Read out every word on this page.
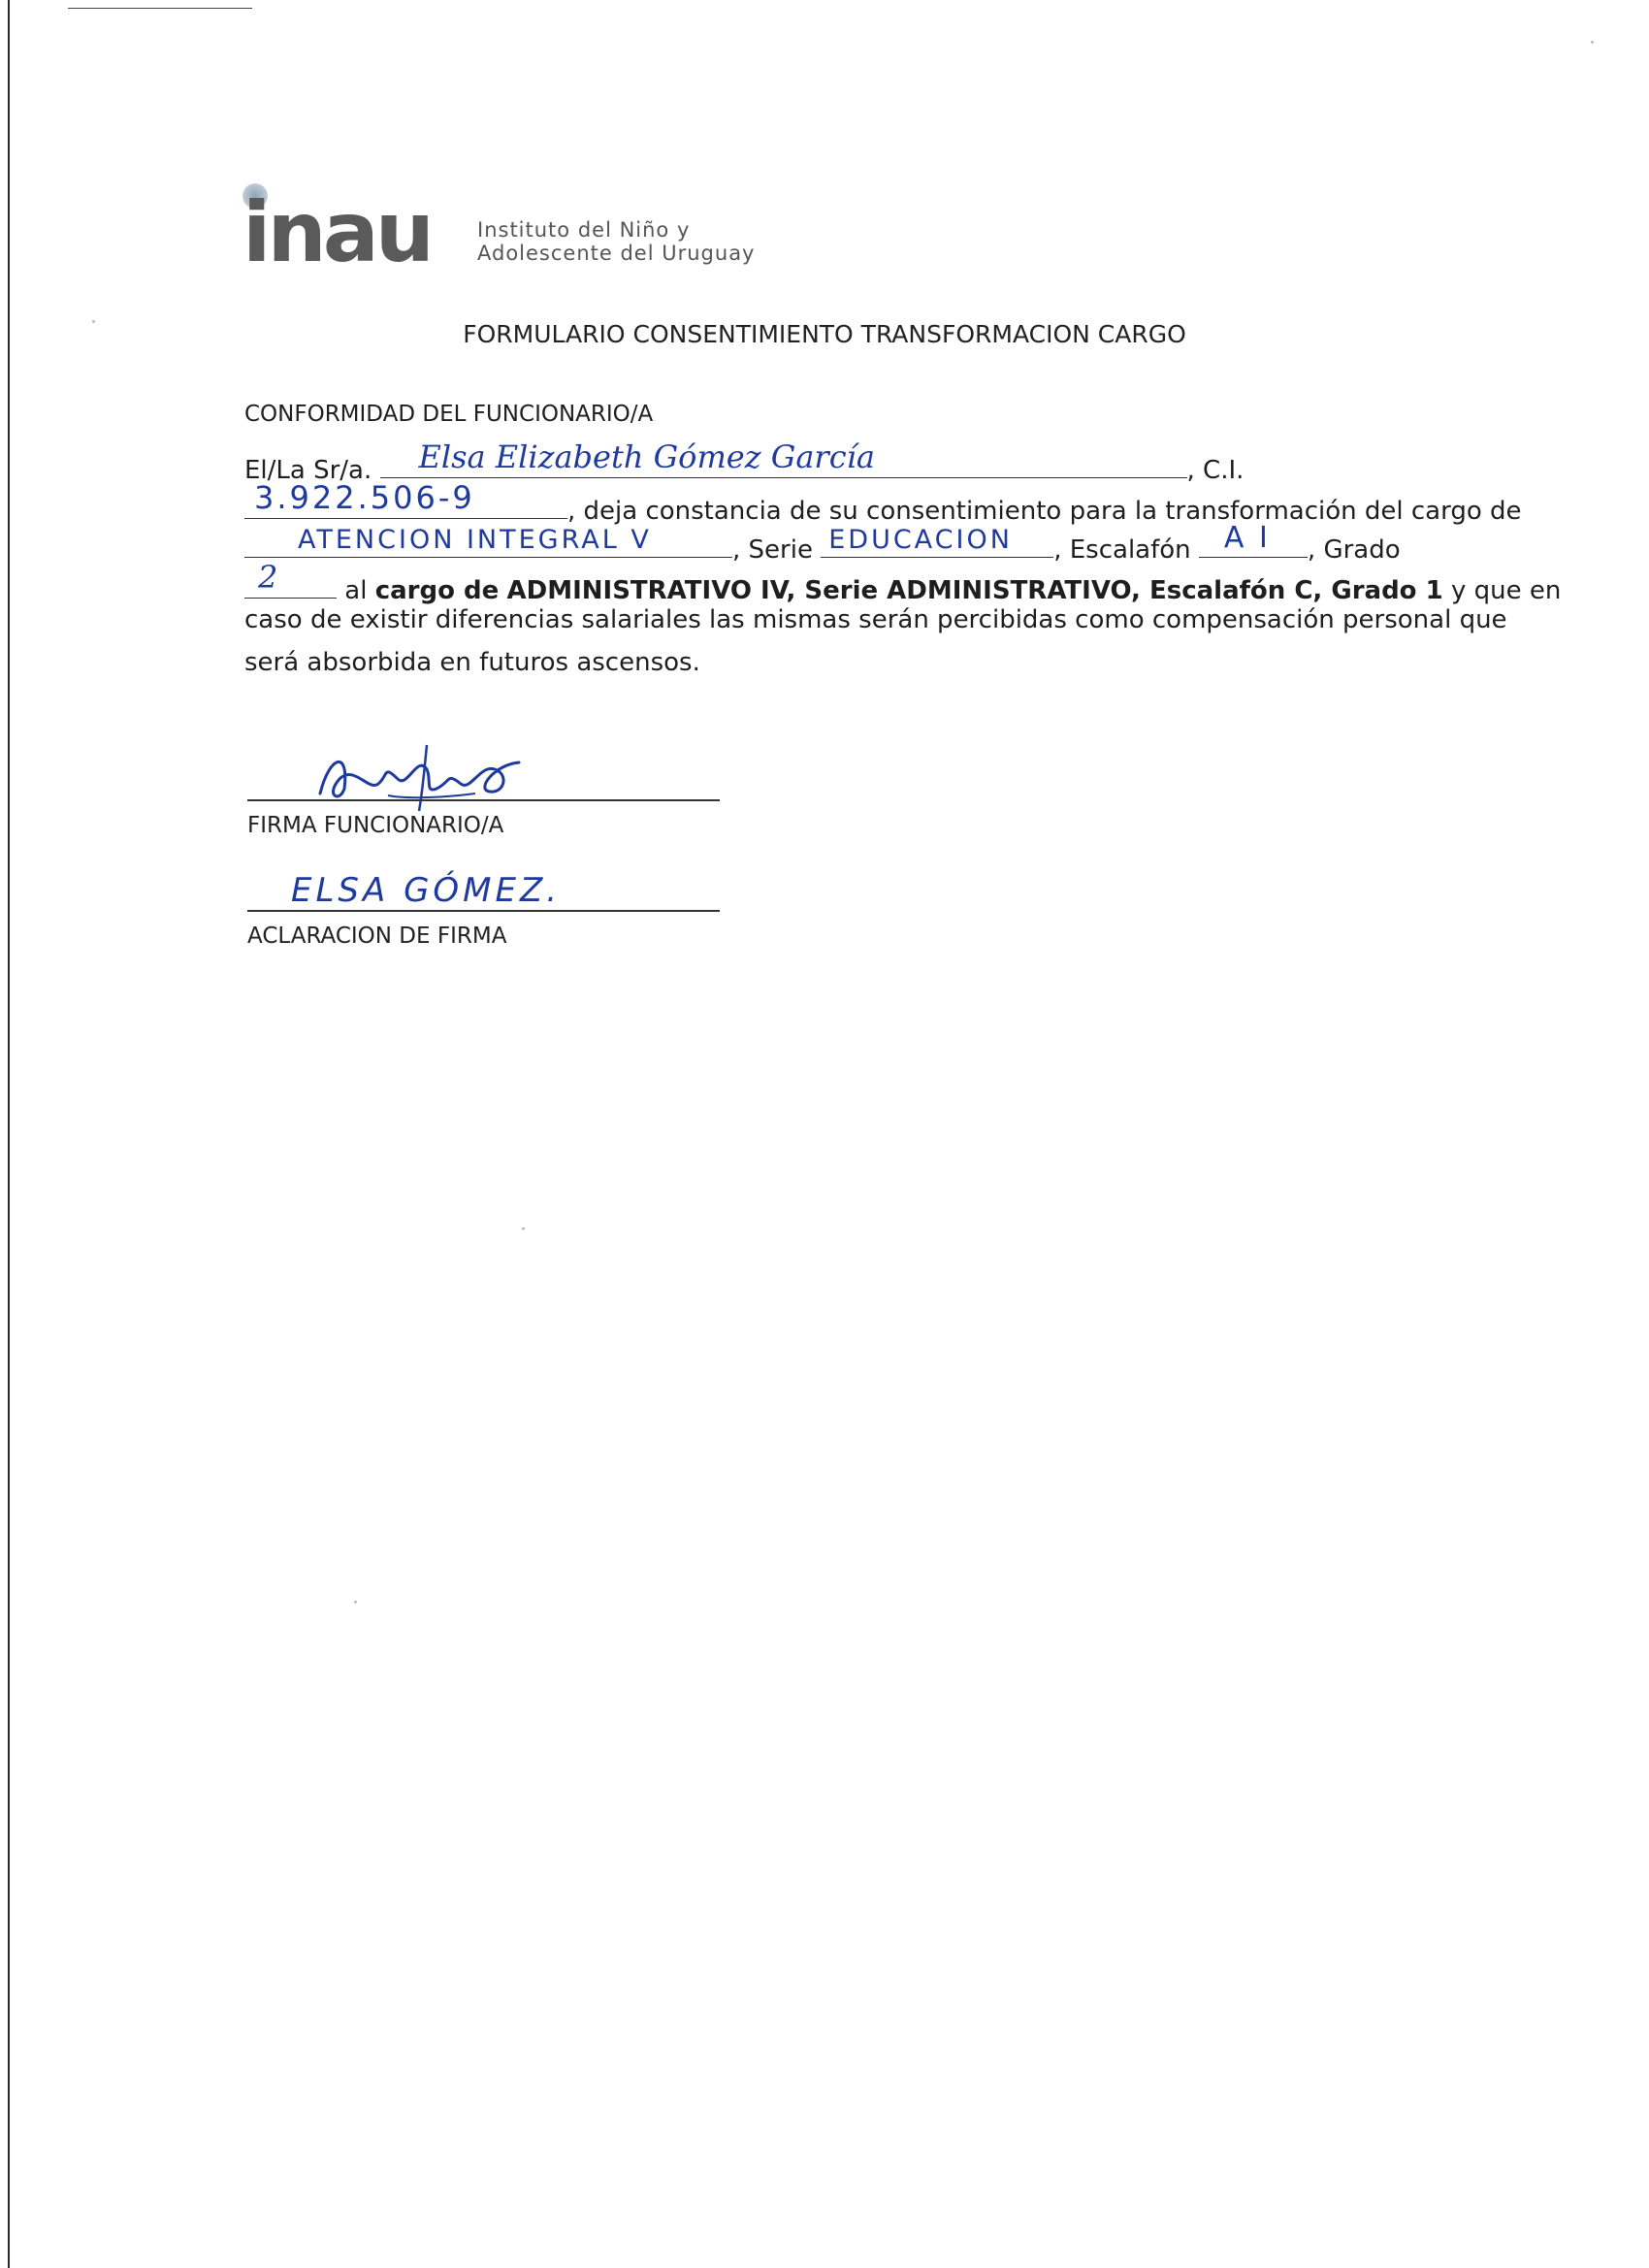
inau Instituto del Niño y
Adolescente del Uruguay
FORMULARIO CONSENTIMIENTO TRANSFORMACION CARGO
CONFORMIDAD DEL FUNCIONARIO/A
El/La Sr/a. Elsa Elizabeth Gómez García	, C.I.
3.922.506-9	, deja constancia de su consentimiento para la transformación del cargo de
ATENCION INTEGRAL V	, Serie EDUCACION , Escalafón A I , Grado
2	al cargo de ADMINISTRATIVO IV, Serie ADMINISTRATIVO, Escalafón C, Grado 1 y que en
caso de existir diferencias salariales las mismas serán percibidas como compensación personal que
será absorbida en futuros ascensos.
FIRMA FUNCIONARIO/A
ELSA GÓMEZ.
ACLARACION DE FIRMA
